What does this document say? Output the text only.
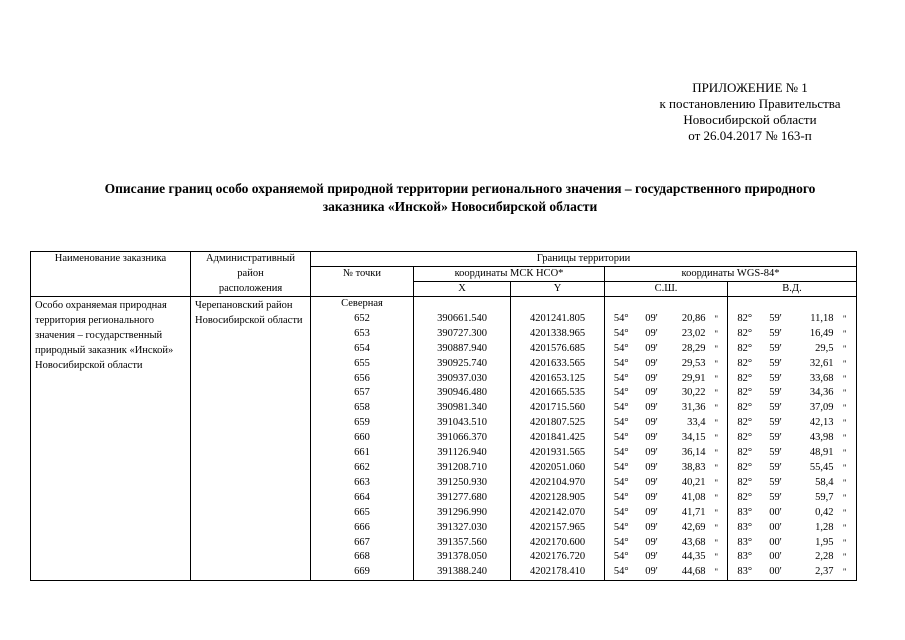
ПРИЛОЖЕНИЕ № 1
к постановлению Правительства
Новосибирской области
от 26.04.2017 № 163-п
Описание границ особо охраняемой природной территории регионального значения – государственного природного
заказника «Инской» Новосибирской области
Наименование заказника	Административный	Границы территории										
	район	№ точки	координаты МСК НСО*		координаты WGS-84*							
	расположения		X	Y	С.Ш.				В.Д.			
Особо охраняемая природная территория регионального значения – государственный природный заказник «Инской» Новосибирской области	Черепановский район Новосибирской области	Северная										
		652	390661.540	4201241.805	54°	09'	20,86	"	82°	59'	11,18	"
		653	390727.300	4201338.965	54°	09'	23,02	"	82°	59'	16,49	"
		654	390887.940	4201576.685	54°	09'	28,29	"	82°	59'	29,5	"
		655	390925.740	4201633.565	54°	09'	29,53	"	82°	59'	32,61	"
		656	390937.030	4201653.125	54°	09'	29,91	"	82°	59'	33,68	"
		657	390946.480	4201665.535	54°	09'	30,22	"	82°	59'	34,36	"
		658	390981.340	4201715.560	54°	09'	31,36	"	82°	59'	37,09	"
		659	391043.510	4201807.525	54°	09'	33,4	"	82°	59'	42,13	"
		660	391066.370	4201841.425	54°	09'	34,15	"	82°	59'	43,98	"
		661	391126.940	4201931.565	54°	09'	36,14	"	82°	59'	48,91	"
		662	391208.710	4202051.060	54°	09'	38,83	"	82°	59'	55,45	"
		663	391250.930	4202104.970	54°	09'	40,21	"	82°	59'	58,4	"
		664	391277.680	4202128.905	54°	09'	41,08	"	82°	59'	59,7	"
		665	391296.990	4202142.070	54°	09'	41,71	"	83°	00'	0,42	"
		666	391327.030	4202157.965	54°	09'	42,69	"	83°	00'	1,28	"
		667	391357.560	4202170.600	54°	09'	43,68	"	83°	00'	1,95	"
		668	391378.050	4202176.720	54°	09'	44,35	"	83°	00'	2,28	"
		669	391388.240	4202178.410	54°	09'	44,68	"	83°	00'	2,37	"
